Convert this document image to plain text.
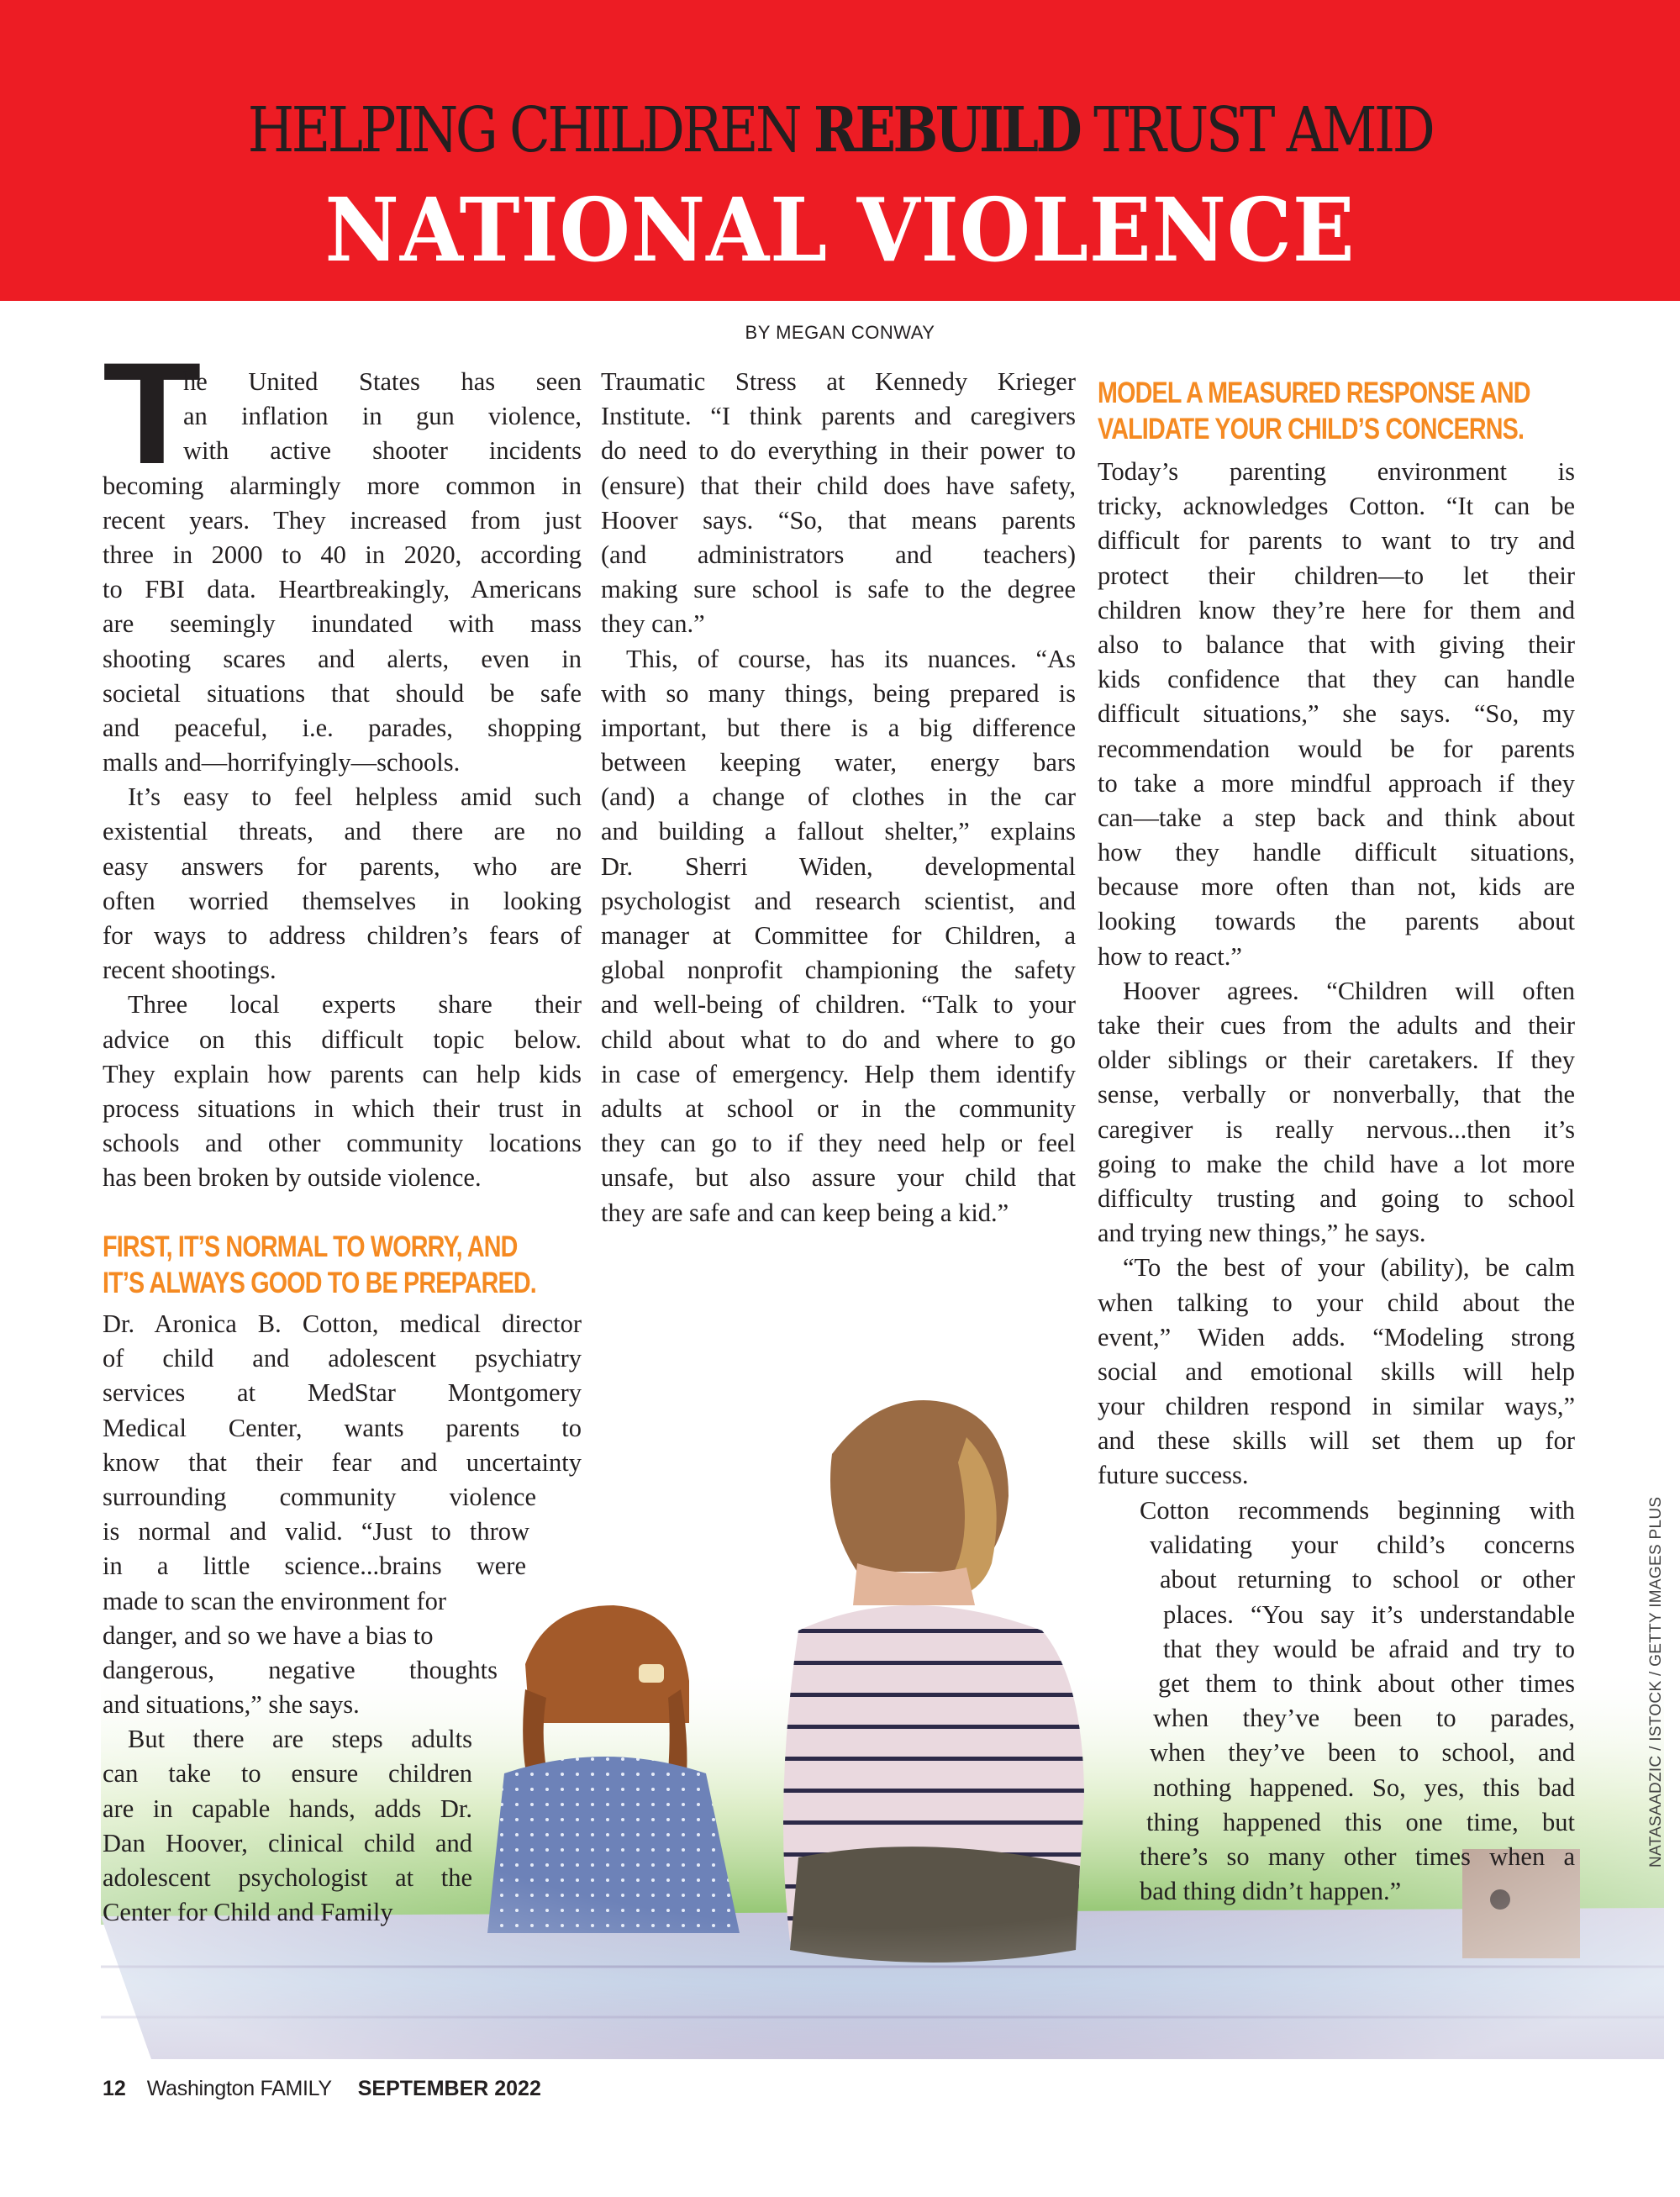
HELPING CHILDREN REBUILD TRUST AMID
NATIONAL VIOLENCE
BY MEGAN CONWAY
T
he United States has seen
an inflation in gun violence,
with active shooter incidents
becoming alarmingly more common in
recent years. They increased from just
three in 2000 to 40 in 2020, according
to FBI data. Heartbreakingly, Americans
are seemingly inundated with mass
shooting scares and alerts, even in
societal situations that should be safe
and peaceful, i.e. parades, shopping
malls and—horrifyingly—schools.
It’s easy to feel helpless amid such
existential threats, and there are no
easy answers for parents, who are
often worried themselves in looking
for ways to address children’s fears of
recent shootings.
Three local experts share their
advice on this difficult topic below.
They explain how parents can help kids
process situations in which their trust in
schools and other community locations
has been broken by outside violence.
FIRST, IT’S NORMAL TO WORRY, AND
IT’S ALWAYS GOOD TO BE PREPARED.
Dr. Aronica B. Cotton, medical director
of child and adolescent psychiatry
services at MedStar Montgomery
Medical Center, wants parents to
know that their fear and uncertainty
surrounding community violence
is normal and valid. “Just to throw
in a little science...brains were
made to scan the environment for
danger, and so we have a bias to
dangerous, negative thoughts
and situations,” she says.
But there are steps adults
can take to ensure children
are in capable hands, adds Dr.
Dan Hoover, clinical child and
adolescent psychologist at the
Center for Child and Family
Traumatic Stress at Kennedy Krieger
Institute. “I think parents and caregivers
do need to do everything in their power to
(ensure) that their child does have safety,
Hoover says. “So, that means parents
(and administrators and teachers)
making sure school is safe to the degree
they can.”
This, of course, has its nuances. “As
with so many things, being prepared is
important, but there is a big difference
between keeping water, energy bars
(and) a change of clothes in the car
and building a fallout shelter,” explains
Dr. Sherri Widen, developmental
psychologist and research scientist, and
manager at Committee for Children, a
global nonprofit championing the safety
and well-being of children. “Talk to your
child about what to do and where to go
in case of emergency. Help them identify
adults at school or in the community
they can go to if they need help or feel
unsafe, but also assure your child that
they are safe and can keep being a kid.”
MODEL A MEASURED RESPONSE AND
VALIDATE YOUR CHILD’S CONCERNS.
Today’s parenting environment is
tricky, acknowledges Cotton. “It can be
difficult for parents to want to try and
protect their children—to let their
children know they’re here for them and
also to balance that with giving their
kids confidence that they can handle
difficult situations,” she says. “So, my
recommendation would be for parents
to take a more mindful approach if they
can—take a step back and think about
how they handle difficult situations,
because more often than not, kids are
looking towards the parents about
how to react.”
Hoover agrees. “Children will often
take their cues from the adults and their
older siblings or their caretakers. If they
sense, verbally or nonverbally, that the
caregiver is really nervous...then it’s
going to make the child have a lot more
difficulty trusting and going to school
and trying new things,” he says.
“To the best of your (ability), be calm
when talking to your child about the
event,” Widen adds. “Modeling strong
social and emotional skills will help
your children respond in similar ways,”
and these skills will set them up for
future success.
Cotton recommends beginning with
validating your child’s concerns
about returning to school or other
places. “You say it’s understandable
that they would be afraid and try to
get them to think about other times
when they’ve been to parades,
when they’ve been to school, and
nothing happened. So, yes, this bad
thing happened this one time, but
there’s so many other times when a
bad thing didn’t happen.”
NATASAADZIC / ISTOCK / GETTY IMAGES PLUS
12 Washington FAMILY SEPTEMBER 2022
